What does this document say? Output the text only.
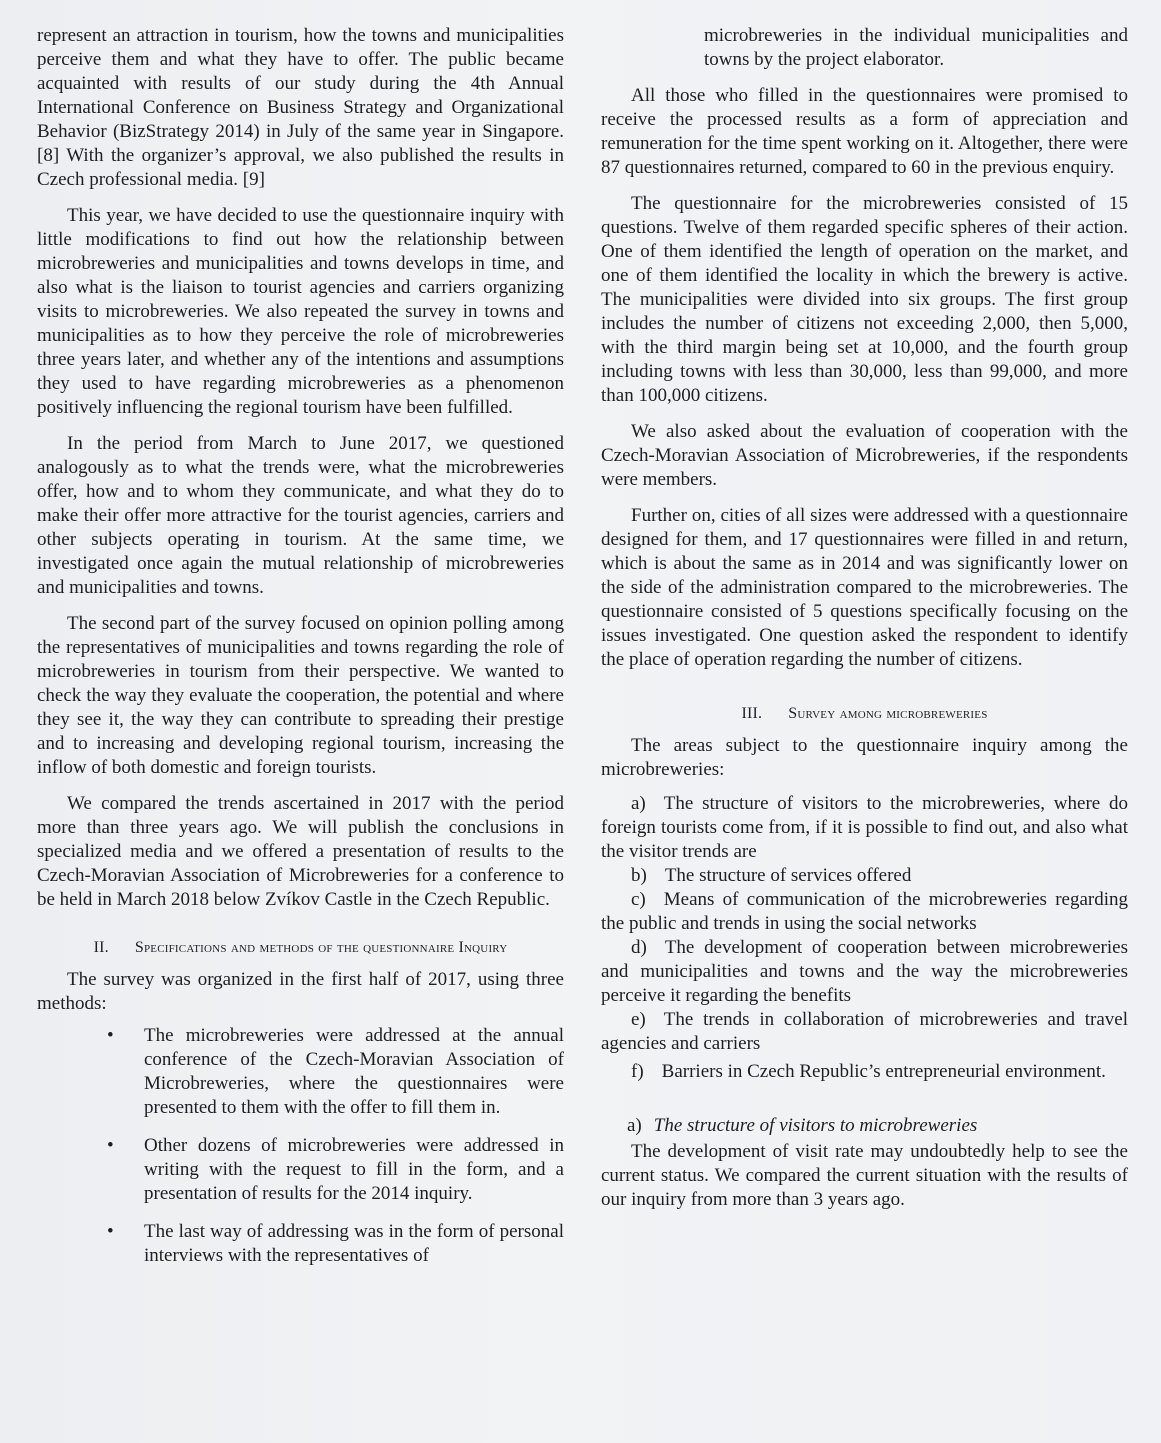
represent an attraction in tourism, how the towns and municipalities perceive them and what they have to offer. The public became acquainted with results of our study during the 4th Annual International Conference on Business Strategy and Organizational Behavior (BizStrategy 2014) in July of the same year in Singapore. [8] With the organizer’s approval, we also published the results in Czech professional media. [9]

This year, we have decided to use the questionnaire inquiry with little modifications to find out how the relationship between microbreweries and municipalities and towns develops in time, and also what is the liaison to tourist agencies and carriers organizing visits to microbreweries. We also repeated the survey in towns and municipalities as to how they perceive the role of microbreweries three years later, and whether any of the intentions and assumptions they used to have regarding microbreweries as a phenomenon positively influencing the regional tourism have been fulfilled.

In the period from March to June 2017, we questioned analogously as to what the trends were, what the microbreweries offer, how and to whom they communicate, and what they do to make their offer more attractive for the tourist agencies, carriers and other subjects operating in tourism. At the same time, we investigated once again the mutual relationship of microbreweries and municipalities and towns.

The second part of the survey focused on opinion polling among the representatives of municipalities and towns regarding the role of microbreweries in tourism from their perspective. We wanted to check the way they evaluate the cooperation, the potential and where they see it, the way they can contribute to spreading their prestige and to increasing and developing regional tourism, increasing the inflow of both domestic and foreign tourists.

We compared the trends ascertained in 2017 with the period more than three years ago. We will publish the conclusions in specialized media and we offered a presentation of results to the Czech-Moravian Association of Microbreweries for a conference to be held in March 2018 below Zvíkov Castle in the Czech Republic.

II. Specifications and methods of the questionnaire Inquiry

The survey was organized in the first half of 2017, using three methods:

• The microbreweries were addressed at the annual conference of the Czech-Moravian Association of Microbreweries, where the questionnaires were presented to them with the offer to fill them in.
• Other dozens of microbreweries were addressed in writing with the request to fill in the form, and a presentation of results for the 2014 inquiry.
• The last way of addressing was in the form of personal interviews with the representatives of

microbreweries in the individual municipalities and towns by the project elaborator.

All those who filled in the questionnaires were promised to receive the processed results as a form of appreciation and remuneration for the time spent working on it. Altogether, there were 87 questionnaires returned, compared to 60 in the previous enquiry.

The questionnaire for the microbreweries consisted of 15 questions. Twelve of them regarded specific spheres of their action. One of them identified the length of operation on the market, and one of them identified the locality in which the brewery is active. The municipalities were divided into six groups. The first group includes the number of citizens not exceeding 2,000, then 5,000, with the third margin being set at 10,000, and the fourth group including towns with less than 30,000, less than 99,000, and more than 100,000 citizens.

We also asked about the evaluation of cooperation with the Czech-Moravian Association of Microbreweries, if the respondents were members.

Further on, cities of all sizes were addressed with a questionnaire designed for them, and 17 questionnaires were filled in and return, which is about the same as in 2014 and was significantly lower on the side of the administration compared to the microbreweries. The questionnaire consisted of 5 questions specifically focusing on the issues investigated. One question asked the respondent to identify the place of operation regarding the number of citizens.

III. Survey among microbreweries

The areas subject to the questionnaire inquiry among the microbreweries:

a) The structure of visitors to the microbreweries, where do foreign tourists come from, if it is possible to find out, and also what the visitor trends are

b) The structure of services offered

c) Means of communication of the microbreweries regarding the public and trends in using the social networks

d) The development of cooperation between microbreweries and municipalities and towns and the way the microbreweries perceive it regarding the benefits

e) The trends in collaboration of microbreweries and travel agencies and carriers

f) Barriers in Czech Republic’s entrepreneurial environment.

a) The structure of visitors to microbreweries

The development of visit rate may undoubtedly help to see the current status. We compared the current situation with the results of our inquiry from more than 3 years ago.
